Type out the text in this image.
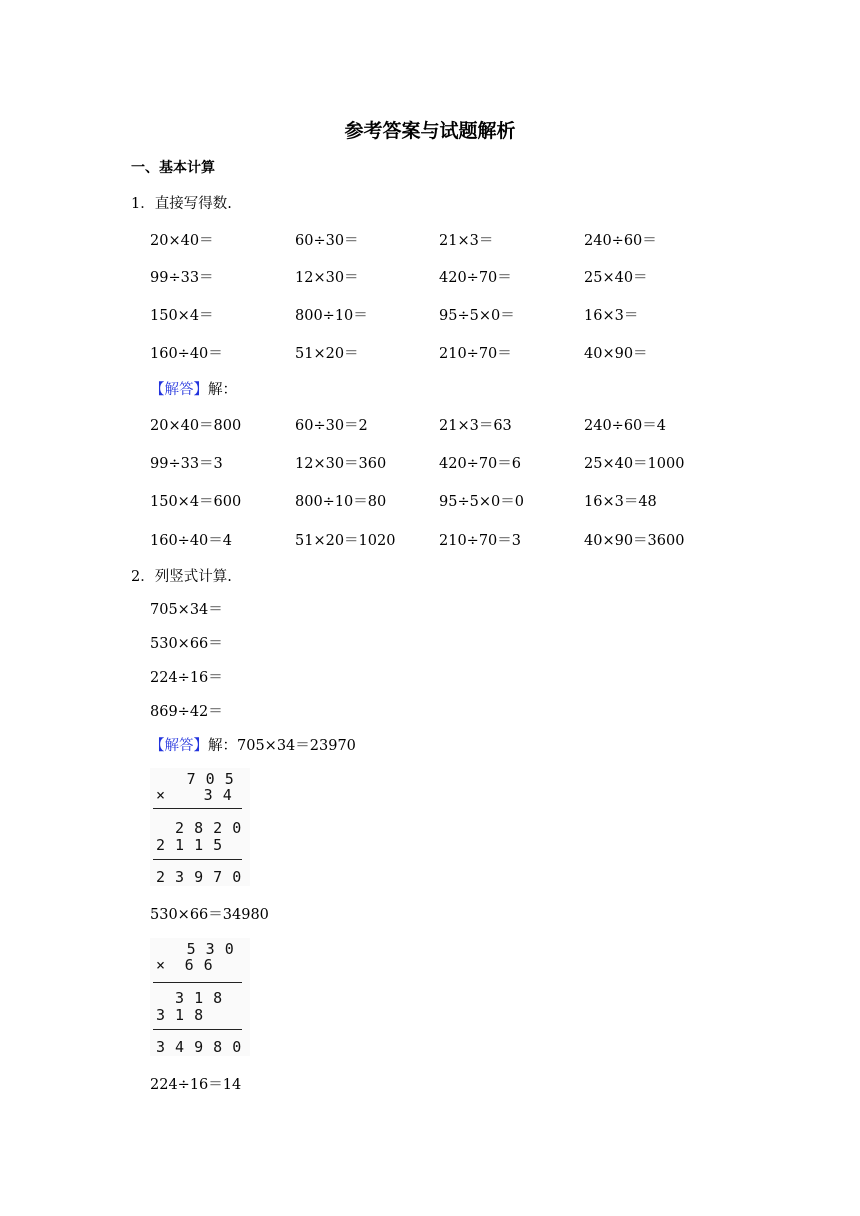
参考答案与试题解析
一、基本计算
1．直接写得数.
20×40＝	60÷30＝	21×3＝	240÷60＝
99÷33＝	12×30＝	420÷70＝	25×40＝
150×4＝	800÷10＝	95÷5×0＝	16×3＝
160÷40＝	51×20＝	210÷70＝	40×90＝
【解答】解：
20×40＝800	60÷30＝2	21×3＝63	240÷60＝4
99÷33＝3	12×30＝360	420÷70＝6	25×40＝1000
150×4＝600	800÷10＝80	95÷5×0＝0	16×3＝48
160÷40＝4	51×20＝1020	210÷70＝3	40×90＝3600
2．列竖式计算.
705×34＝
530×66＝
224÷16＝
869÷42＝
【解答】解：705×34＝23970
7 0 5
×    3 4
2 8 2 0
2 1 1 5
2 3 9 7 0
530×66＝34980
5 3 0
×  6 6
3 1 8
3 1 8
3 4 9 8 0
224÷16＝14
